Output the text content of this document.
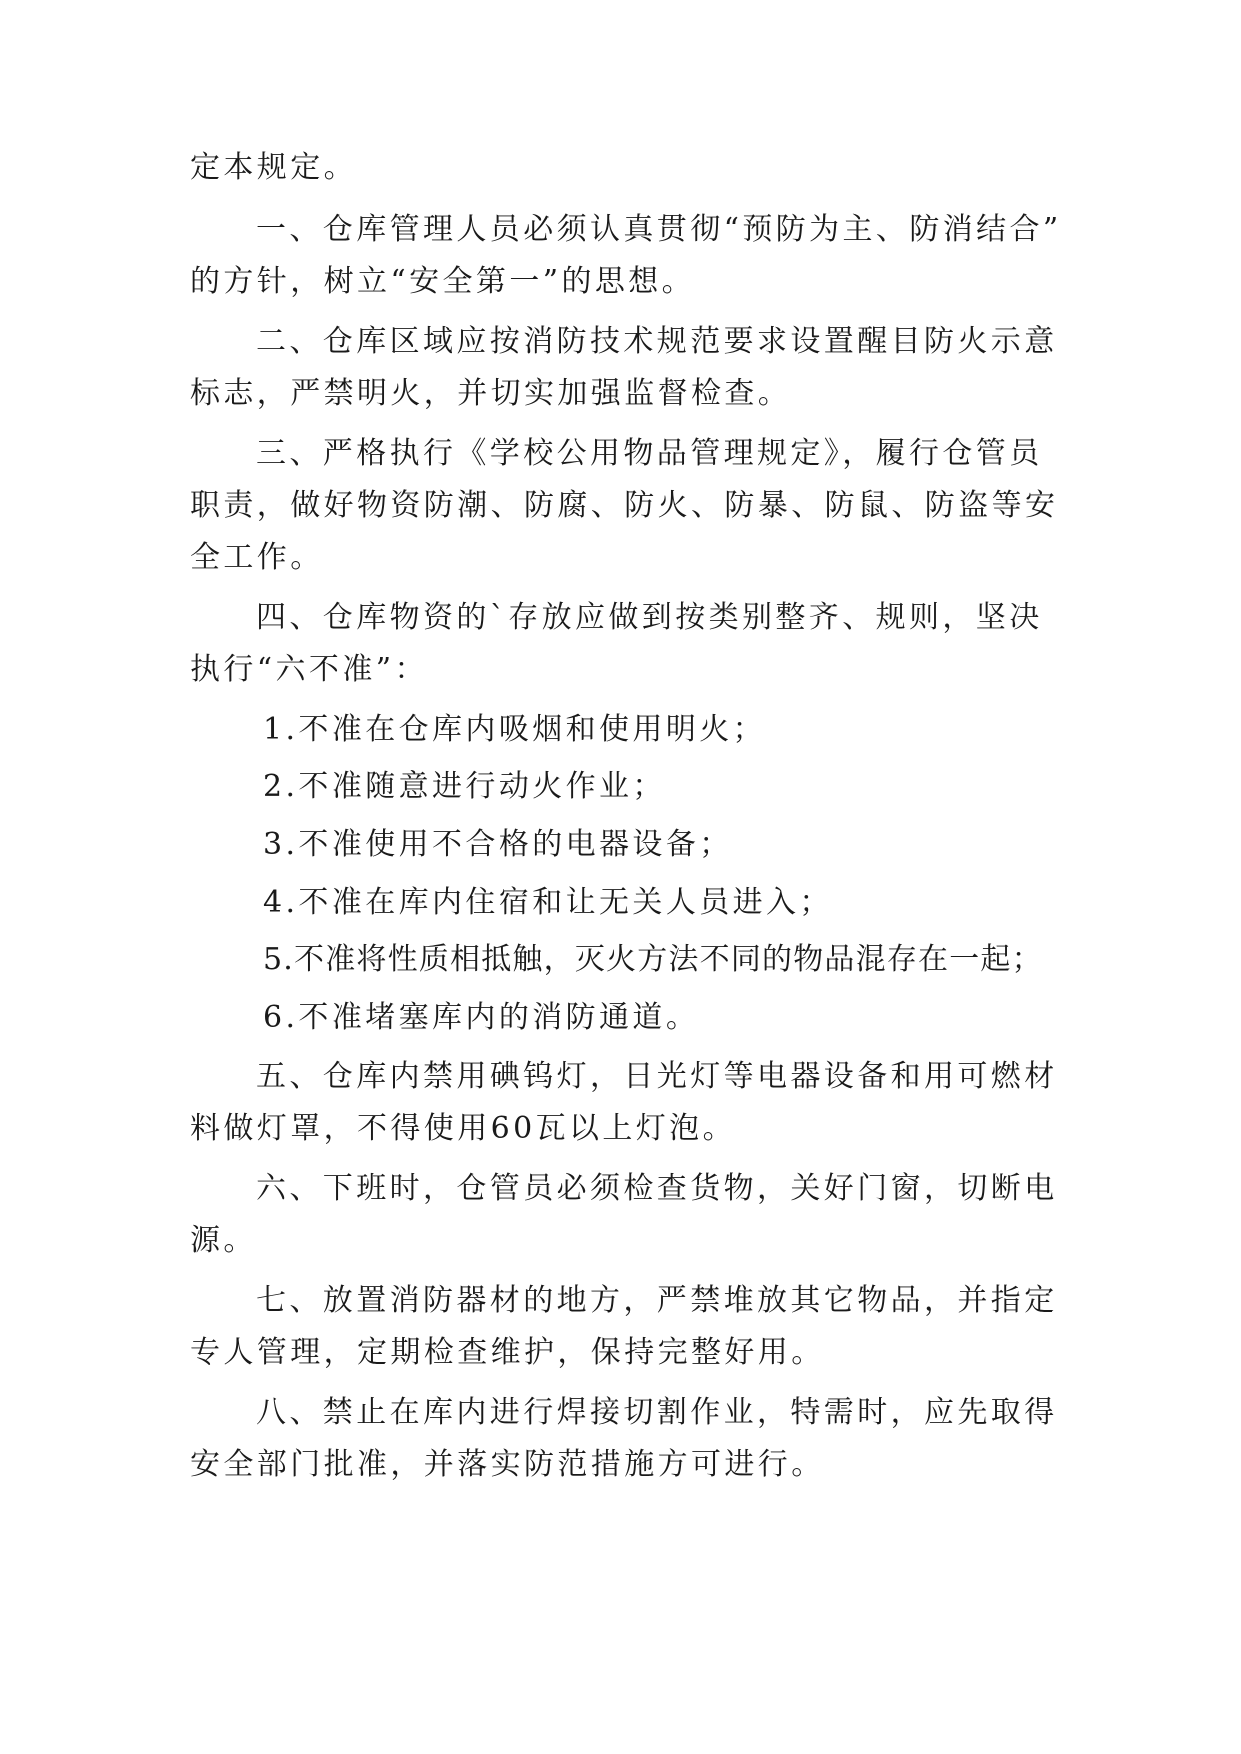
定本规定。
一、仓库管理人员必须认真贯彻“预防为主、防消结合”
的方针，树立“安全第一”的思想。
二、仓库区域应按消防技术规范要求设置醒目防火示意
标志，严禁明火，并切实加强监督检查。
三、严格执行《学校公用物品管理规定》，履行仓管员
职责，做好物资防潮、防腐、防火、防暴、防鼠、防盗等安
全工作。
四、仓库物资的`存放应做到按类别整齐、规则，坚决
执行“六不准”：
1.不准在仓库内吸烟和使用明火；
2.不准随意进行动火作业；
3.不准使用不合格的电器设备；
4.不准在库内住宿和让无关人员进入；
5.不准将性质相抵触，灭火方法不同的物品混存在一起；
6.不准堵塞库内的消防通道。
五、仓库内禁用碘钨灯，日光灯等电器设备和用可燃材
料做灯罩，不得使用60瓦以上灯泡。
六、下班时，仓管员必须检查货物，关好门窗，切断电
源。
七、放置消防器材的地方，严禁堆放其它物品，并指定
专人管理，定期检查维护，保持完整好用。
八、禁止在库内进行焊接切割作业，特需时，应先取得
安全部门批准，并落实防范措施方可进行。
